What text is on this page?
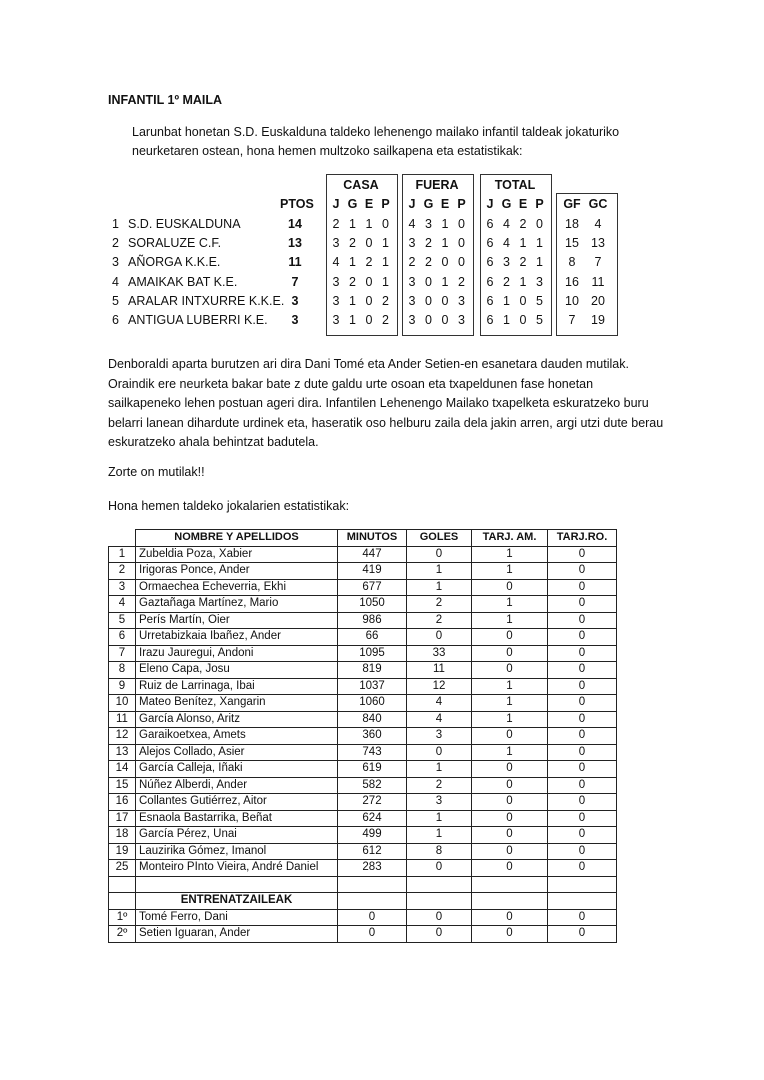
INFANTIL 1º MAILA
Larunbat honetan S.D. Euskalduna taldeko lehenengo mailako infantil taldeak jokaturiko neurketaren ostean, hona hemen multzoko sailkapena eta estatistikak:
CASA	FUERA	TOTAL
PTOS	J G E P	J G E P	J G E P	GF GC
1 S.D. EUSKALDUNA	14	2 1 1 0	4 3 1 0	6 4 2 0	18	4
2 SORALUZE C.F.	13	3 2 0 1	3 2 1 0	6 4 1 1	15 13
3 AÑORGA K.K.E.	11	4 1 2 1	2 2 0 0	6 3 2 1	8	7
4 AMAIKAK BAT K.E.	7	3 2 0 1	3 0 1 2	6 2 1 3	16	11
5 ARALAR INTXURRE K.K.E. 3	3 1 0 2	3 0 0 3	6 1 0 5	10 20
6 ANTIGUA LUBERRI K.E.	3	3 1 0 2	3 0 0 3	6 1 0 5	7	19
Denboraldi aparta burutzen ari dira Dani Tomé eta Ander Setien-en esanetara dauden mutilak. Oraindik ere neurketa bakar bate z dute galdu urte osoan eta txapeldunen fase honetan sailkapeneko lehen postuan ageri dira. Infantilen Lehenengo Mailako txapelketa eskuratzeko buru belarri lanean dihardute urdinek eta, haseratik oso helburu zaila dela jakin arren, argi utzi dute berau eskuratzeko ahala behintzat badutela.
Zorte on mutilak!!
Hona hemen taldeko jokalarien estatistikak:
	NOMBRE Y APELLIDOS	MINUTOS	GOLES	TARJ. AM.	TARJ.RO.
1	Zubeldia Poza, Xabier	447	0	1	0
2	Irigoras Ponce, Ander	419	1	1	0
3	Ormaechea Echeverria, Ekhi	677	1	0	0
4	Gaztañaga Martínez, Mario	1050	2	1	0
5	Perís Martín, Oier	986	2	1	0
6	Urretabizkaia Ibañez, Ander	66	0	0	0
7	Irazu Jauregui, Andoni	1095	33	0	0
8	Eleno Capa, Josu	819	11	0	0
9	Ruiz de Larrinaga, Ibai	1037	12	1	0
10	Mateo Benítez, Xangarin	1060	4	1	0
11	García Alonso, Aritz	840	4	1	0
12	Garaikoetxea, Amets	360	3	0	0
13	Alejos Collado, Asier	743	0	1	0
14	García Calleja, Iñaki	619	1	0	0
15	Núñez Alberdi, Ander	582	2	0	0
16	Collantes Gutiérrez, Aitor	272	3	0	0
17	Esnaola Bastarrika, Beñat	624	1	0	0
18	García Pérez, Unai	499	1	0	0
19	Lauzirika Gómez, Imanol	612	8	0	0
25	Monteiro PInto Vieira, André Daniel	283	0	0	0

	ENTRENATZAILEAK				
1º	Tomé Ferro, Dani	0	0	0	0
2º	Setien Iguaran, Ander	0	0	0	0
